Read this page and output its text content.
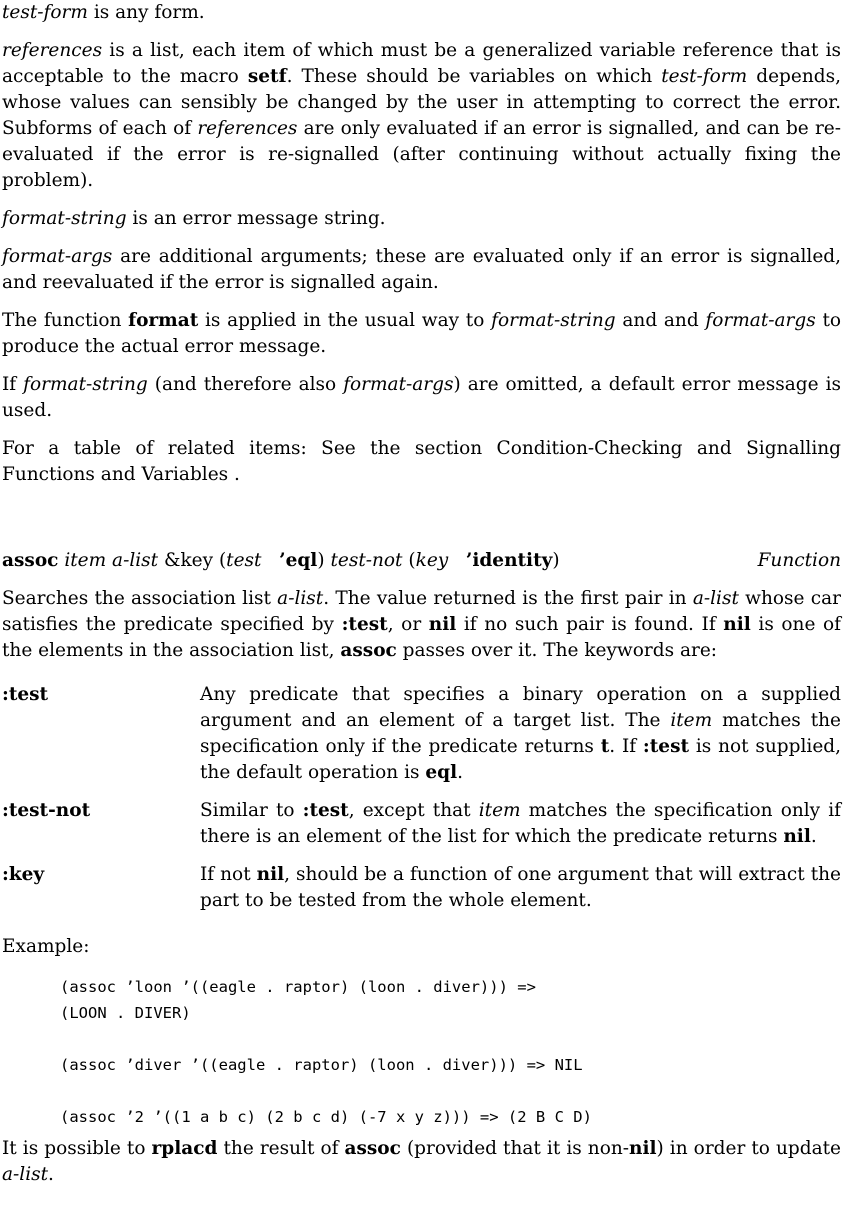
test-form is any form.

references is a list, each item of which must be a generalized variable reference that is acceptable to the macro setf. These should be variables on which test-form depends, whose values can sensibly be changed by the user in attempting to correct the error. Subforms of each of references are only evaluated if an error is signalled, and can be re-evaluated if the error is re-signalled (after continuing without actually fixing the problem).

format-string is an error message string.

format-args are additional arguments; these are evaluated only if an error is signalled, and reevaluated if the error is signalled again.

The function format is applied in the usual way to format-string and and format-args to produce the actual error message.

If format-string (and therefore also format-args) are omitted, a default error message is used.

For a table of related items: See the section Condition-Checking and Signalling Functions and Variables .

assoc item a-list &key (test ’eql) test-not (key ’identity)	Function

Searches the association list a-list. The value returned is the first pair in a-list whose car satisfies the predicate specified by :test, or nil if no such pair is found. If nil is one of the elements in the association list, assoc passes over it. The keywords are:

:test	Any predicate that specifies a binary operation on a supplied argument and an element of a target list. The item matches the specification only if the predicate returns t. If :test is not supplied, the default operation is eql.
:test-not	Similar to :test, except that item matches the specification only if there is an element of the list for which the predicate returns nil.
:key	If not nil, should be a function of one argument that will extract the part to be tested from the whole element.

Example:

(assoc ’loon ’((eagle . raptor) (loon . diver))) =>
(LOON . DIVER)

(assoc ’diver ’((eagle . raptor) (loon . diver))) => NIL

(assoc ’2 ’((1 a b c) (2 b c d) (-7 x y z))) => (2 B C D)

It is possible to rplacd the result of assoc (provided that it is non-nil) in order to update a-list.
